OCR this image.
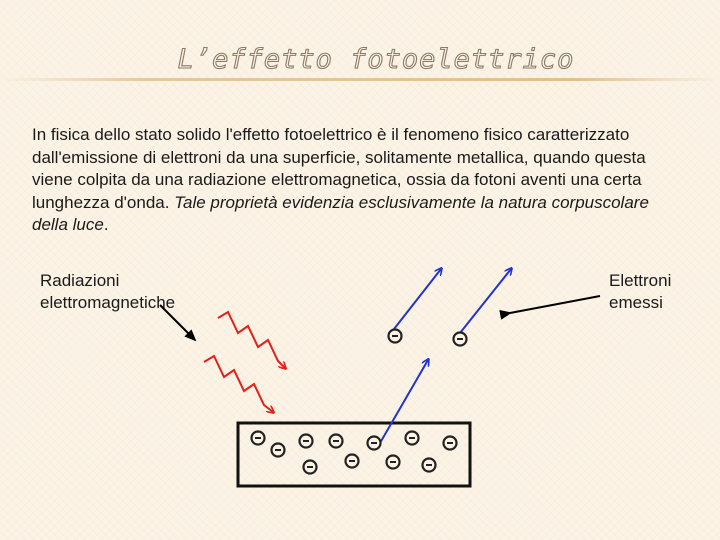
L’effetto fotoelettrico
In fisica dello stato solido l'effetto fotoelettrico è il fenomeno fisico caratterizzato dall'emissione di elettroni da una superficie, solitamente metallica, quando questa viene colpita da una radiazione elettromagnetica, ossia da fotoni aventi una certa lunghezza d'onda. Tale proprietà evidenzia esclusivamente la natura corpuscolare della luce.
Radiazioni
elettromagnetiche
Elettroni
emessi
